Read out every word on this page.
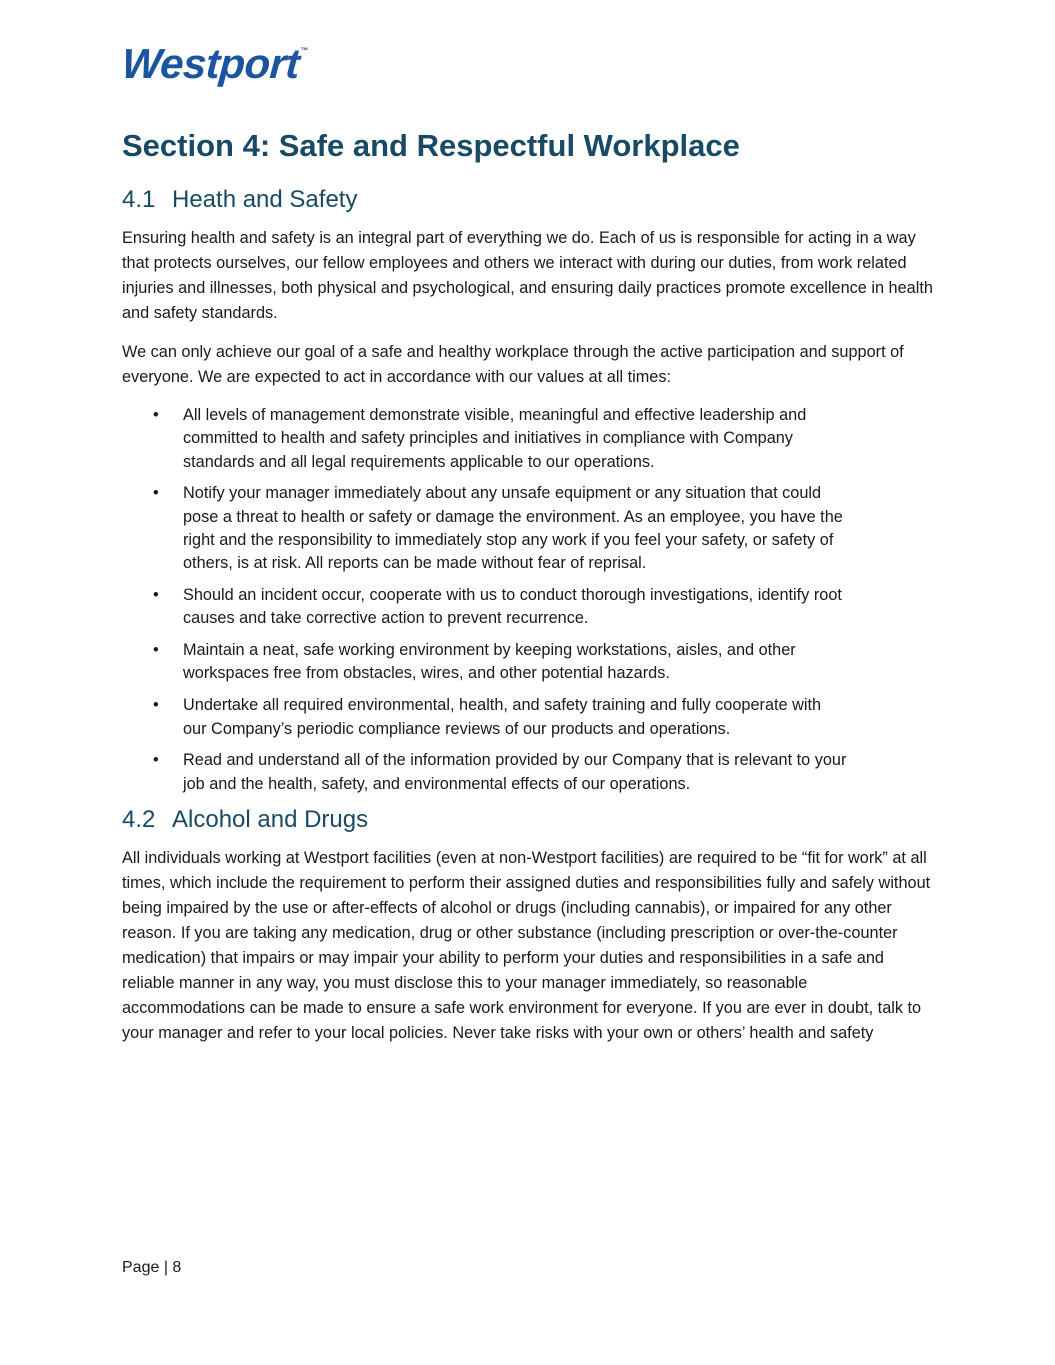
Westport™
Section 4: Safe and Respectful Workplace
4.1 Heath and Safety

Ensuring health and safety is an integral part of everything we do. Each of us is responsible for acting in a way that protects ourselves, our fellow employees and others we interact with during our duties, from work related injuries and illnesses, both physical and psychological, and ensuring daily practices promote excellence in health and safety standards.

We can only achieve our goal of a safe and healthy workplace through the active participation and support of everyone. We are expected to act in accordance with our values at all times:

• All levels of management demonstrate visible, meaningful and effective leadership and committed to health and safety principles and initiatives in compliance with Company standards and all legal requirements applicable to our operations.
• Notify your manager immediately about any unsafe equipment or any situation that could pose a threat to health or safety or damage the environment. As an employee, you have the right and the responsibility to immediately stop any work if you feel your safety, or safety of others, is at risk. All reports can be made without fear of reprisal.
• Should an incident occur, cooperate with us to conduct thorough investigations, identify root causes and take corrective action to prevent recurrence.
• Maintain a neat, safe working environment by keeping workstations, aisles, and other workspaces free from obstacles, wires, and other potential hazards.
• Undertake all required environmental, health, and safety training and fully cooperate with our Company’s periodic compliance reviews of our products and operations.
• Read and understand all of the information provided by our Company that is relevant to your job and the health, safety, and environmental effects of our operations.
4.2 Alcohol and Drugs

All individuals working at Westport facilities (even at non-Westport facilities) are required to be “fit for work” at all times, which include the requirement to perform their assigned duties and responsibilities fully and safely without being impaired by the use or after-effects of alcohol or drugs (including cannabis), or impaired for any other reason. If you are taking any medication, drug or other substance (including prescription or over-the-counter medication) that impairs or may impair your ability to perform your duties and responsibilities in a safe and reliable manner in any way, you must disclose this to your manager immediately, so reasonable accommodations can be made to ensure a safe work environment for everyone. If you are ever in doubt, talk to your manager and refer to your local policies. Never take risks with your own or others’ health and safety

Page | 8
